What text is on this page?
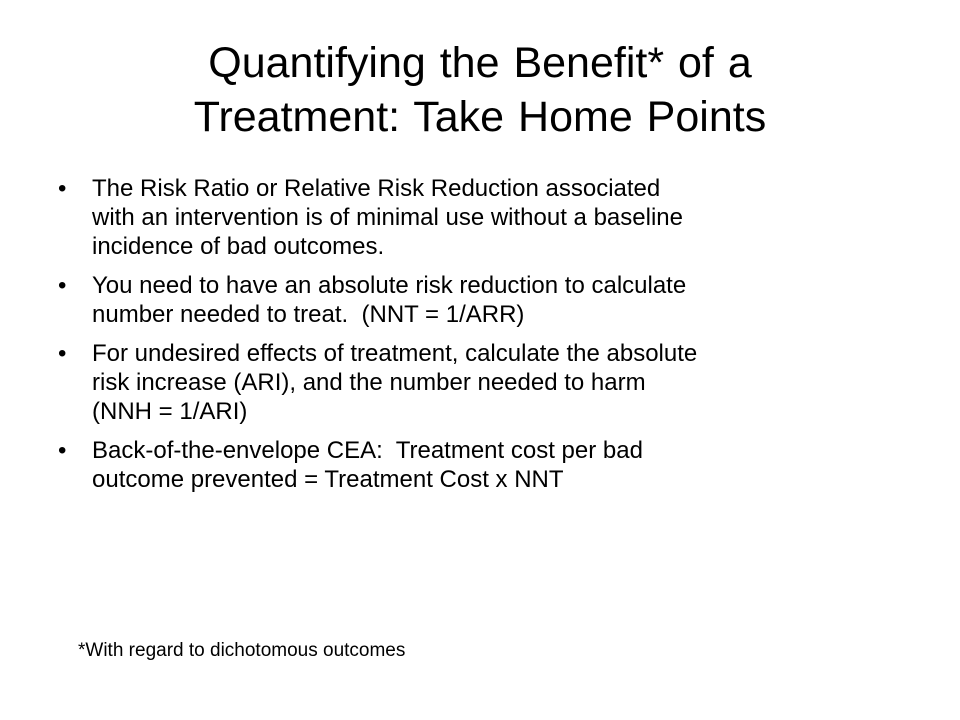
Quantifying the Benefit* of a
Treatment: Take Home Points
•	The Risk Ratio or Relative Risk Reduction associated
with an intervention is of minimal use without a baseline
incidence of bad outcomes.
•	You need to have an absolute risk reduction to calculate
number needed to treat.  (NNT = 1/ARR)
•	For undesired effects of treatment, calculate the absolute
risk increase (ARI), and the number needed to harm
(NNH = 1/ARI)
•	Back-of-the-envelope CEA:  Treatment cost per bad
outcome prevented = Treatment Cost x NNT
*With regard to dichotomous outcomes
